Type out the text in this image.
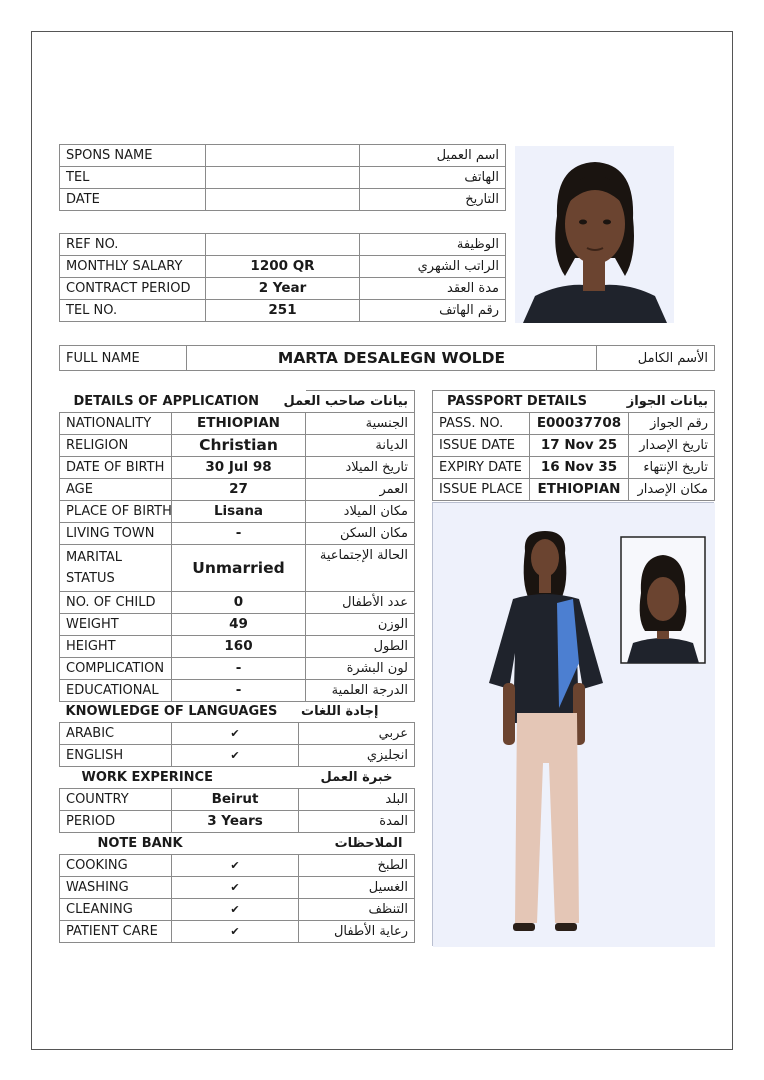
SPONS NAME		اسم العميل
TEL		الهاتف
DATE		التاريخ
REF NO.		الوظيفة
MONTHLY SALARY	1200 QR	الراتب الشهري
CONTRACT PERIOD	2 Year	مدة العقد
TEL NO.	251	رقم الهاتف
FULL NAME	MARTA DESALEGN WOLDE	الأسم الكامل
DETAILS OF APPLICATION		بيانات صاحب العمل
NATIONALITY	ETHIOPIAN	الجنسية
RELIGION	Christian	الديانة
DATE OF BIRTH	30 Jul 98	تاريخ الميلاد
AGE	27	العمر
PLACE OF BIRTH	Lisana	مكان الميلاد
LIVING TOWN	-	مكان السكن
MARITAL
STATUS	Unmarried	الحالة الإجتماعية
NO. OF CHILD	0	عدد الأطفال
WEIGHT	49	الوزن
HEIGHT	160	الطول
COMPLICATION	-	لون البشرة
EDUCATIONAL	-	الدرجة العلمية
KNOWLEDGE OF LANGUAGES		إجادة اللغات
ARABIC	✔	عربي
ENGLISH	✔	انجليزي
WORK EXPERINCE		خبرة العمل
COUNTRY	Beirut	البلد
PERIOD	3 Years	المدة
NOTE BANK		الملاحظات
COOKING	✔	الطبخ
WASHING	✔	الغسيل
CLEANING	✔	التنظف
PATIENT CARE	✔	رعاية الأطفال
PASSPORT DETAILS		بيانات الجواز
PASS. NO.	E00037708	رقم الجواز
ISSUE DATE	17 Nov 25	تاريخ الإصدار
EXPIRY DATE	16 Nov 35	تاريخ الإنتهاء
ISSUE PLACE	ETHIOPIAN	مكان الإصدار
